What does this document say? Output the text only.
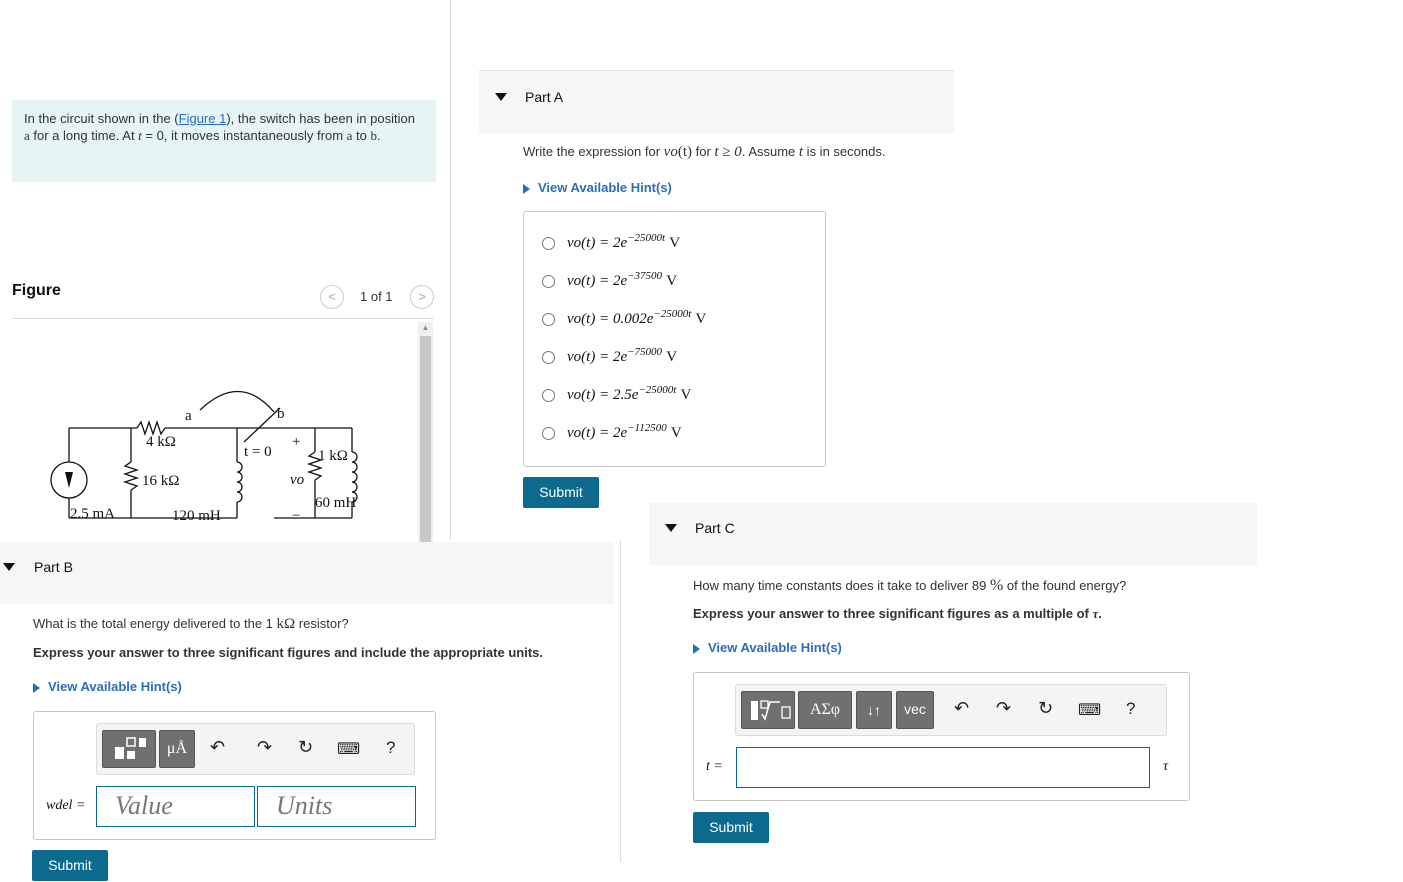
In the circuit shown in the (Figure 1), the switch has been in position a for a long time. At t = 0, it moves instantaneously from a to b.
Figure	<	1 of 1	>
2.5 mA
4 kΩ
16 kΩ
120 mH
a	b
t = 0
+
vo
−
1 kΩ
60 mH
▲
Part A
Write the expression for vo(t) for t ≥ 0. Assume t is in seconds.
View Available Hint(s)
$vo(t) = 2e^{-25000t}$ V
$vo(t) = 2e^{-37500}$ V
$vo(t) = 0.002e^{-25000t}$ V
$vo(t) = 2e^{-75000}$ V
$vo(t) = 2.5e^{-25000t}$ V
$vo(t) = 2e^{-112500}$ V
Submit
Part B
What is the total energy delivered to the 1 kΩ resistor?
Express your answer to three significant figures and include the appropriate units.
View Available Hint(s)
μÅ	↶ ↷ ↻ ⌨ ?
wdel = Value	Units
Submit
Part C
How many time constants does it take to deliver 89 % of the found energy?
Express your answer to three significant figures as a multiple of τ.
View Available Hint(s)
ΑΣφ	↓↑	vec	↶ ↷ ↻ ⌨ ?
t =	τ
Submit
